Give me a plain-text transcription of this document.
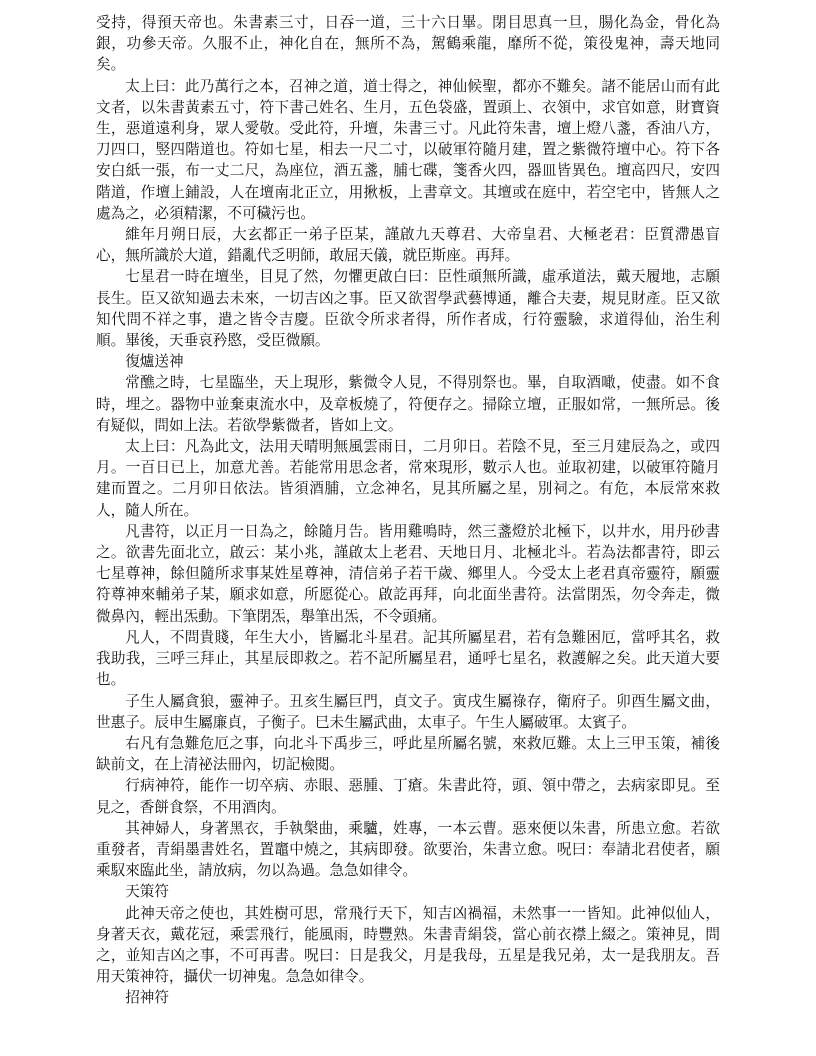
受持，得預天帝也。朱書素三寸，日吞一道，三十六日畢。閉目思真一旦，腸化為金，骨化為銀，功參天帝。久服不止，神化自在，無所不為，駕鶴乘龍，靡所不從，策役鬼神，壽天地同矣。

太上曰：此乃萬行之本，召神之道，道士得之，神仙候聖，都亦不難矣。諸不能居山而有此文者，以朱書黃素五寸，符下書己姓名、生月，五色袋盛，置頭上、衣領中，求官如意，財寶資生，惡道遠利身，眾人愛敬。受此符，升壇，朱書三寸。凡此符朱書，壇上燈八盞，香油八方，刀四口，竪四階道也。符如七星，相去一尺二寸，以破軍符隨月建，置之紫微符壇中心。符下各安白紙一張，布一丈二尺，為座位，酒五盞，脯七碟，箋香火四，器皿皆異色。壇高四尺，安四階道，作壇上鋪設，人在壇南北正立，用揪板，上書章文。其壇或在庭中，若空宅中，皆無人之處為之，必須精潔，不可穢污也。

維年月朔日辰，大玄都正一弟子臣某，謹啟九天尊君、大帝皇君、大極老君：臣質滯愚盲心，無所識於大道，錯亂代乏明師，敢屈天儀，就臣斯座。再拜。

七星君一時在壇坐，目見了然，勿懼更啟白曰：臣性頑無所識，虛承道法，戴天履地，志願長生。臣又欲知過去未來，一切吉凶之事。臣又欲習學武藝博通，離合夫妻，規見財產。臣又欲知代問不祥之事，遣之皆令吉慶。臣欲令所求者得，所作者成，行符靈驗，求道得仙，治生利順。畢後，天垂哀矜愍，受臣微願。

復爐送神

常醮之時，七星臨坐，天上現形，紫微令人見，不得別祭也。畢，自取酒噉，使盡。如不食時，埋之。器物中並棄東流水中，及章板燒了，符便存之。掃除立壇，正服如常，一無所忌。後有疑似，問如上法。若欲學紫微者，皆如上文。

太上曰：凡為此文，法用天晴明無風雲雨日，二月卯日。若陰不見，至三月建辰為之，或四月。一百日已上，加意尤善。若能常用思念者，常來現形，數示人也。並取初建，以破軍符隨月建而置之。二月卯日依法。皆須酒脯，立念神名，見其所屬之星，別祠之。有危，本辰常來救人，隨人所在。

凡書符，以正月一日為之，餘隨月告。皆用雞鳴時，然三盞燈於北極下，以井水，用丹砂書之。欲書先面北立，啟云：某小兆，謹啟太上老君、天地日月、北極北斗。若為法都書符，即云七星尊神，餘但隨所求事某姓星尊神，清信弟子若干歲、鄉里人。今受太上老君真帝靈符，願靈符尊神來輔弟子某，願求如意，所愿從心。啟訖再拜，向北面坐書符。法當閉炁，勿令奔走，微微鼻內，輕出炁動。下筆閉炁，舉筆出炁，不令頭痛。

凡人，不問貴賤，年生大小，皆屬北斗星君。記其所屬星君，若有急難困厄，當呼其名，救我助我，三呼三拜止，其星辰即救之。若不記所屬星君，通呼七星名，救護解之矣。此天道大要也。

子生人屬貪狼，靈神子。丑亥生屬巨門，貞文子。寅戌生屬祿存，衛府子。卯酉生屬文曲，世惠子。辰申生屬廉貞，子衡子。巳未生屬武曲，太車子。午生人屬破軍。太賓子。

右凡有急難危厄之事，向北斗下禹步三，呼此星所屬名號，來救厄難。太上三甲玉策，補後缺前文，在上清祕法冊內，切記檢閱。

行病神符，能作一切卒病、赤眼、惡腫、丁瘡。朱書此符，頭、領中帶之，去病家即見。至見之，香餅食祭，不用酒肉。

其神婦人，身著黑衣，手執槃曲，乘驢，姓專，一本云曹。惡來便以朱書，所患立愈。若欲重發者，青絹墨書姓名，置竈中燒之，其病即發。欲要治，朱書立愈。呪曰：奉請北君使者，願乘馭來臨此坐，請放病，勿以為過。急急如律令。

天策符

此神天帝之使也，其姓樹可思，常飛行天下，知吉凶禍福，未然事一一皆知。此神似仙人，身著天衣，戴花冠，乘雲飛行，能風雨，時豐熟。朱書青絹袋，當心前衣襟上綴之。策神見，問之，並知吉凶之事，不可再書。呪曰：日是我父，月是我母，五星是我兄弟，太一是我朋友。吾用天策神符，攝伏一切神鬼。急急如律令。

招神符
